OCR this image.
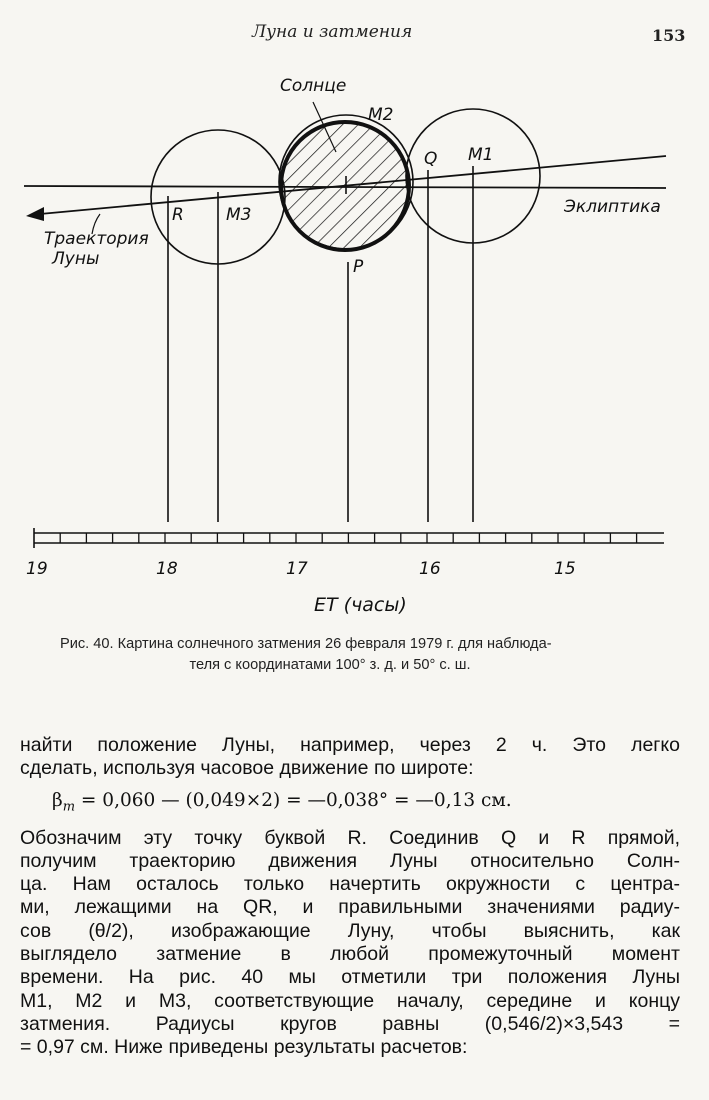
Луна и затмения	153
Солнце
M2
Q M1
R M3
P
Эклиптика
Траектория
Луны
19	18	17	16	15
ET (часы)
Рис. 40. Картина солнечного затмения 26 февраля 1979 г. для наблюда-
теля с координатами 100° з. д. и 50° с. ш.
найти положение Луны, например, через 2 ч. Это легко
сделать, используя часовое движение по широте:
$\beta_m = 0,060$ — (0,049×2) = —0,038° = —0,13 см.
Обозначим эту точку буквой R. Соединив Q и R прямой,
получим траекторию движения Луны относительно Солн-
ца. Нам осталось только начертить окружности с центра-
ми, лежащими на QR, и правильными значениями радиу-
сов (θ/2), изображающие Луну, чтобы выяснить, как
выглядело затмение в любой промежуточный момент
времени. На рис. 40 мы отметили три положения Луны
M1, M2 и M3, соответствующие началу, середине и концу
затмения. Радиусы кругов равны (0,546/2)×3,543 =
= 0,97 см. Ниже приведены результаты расчетов:
